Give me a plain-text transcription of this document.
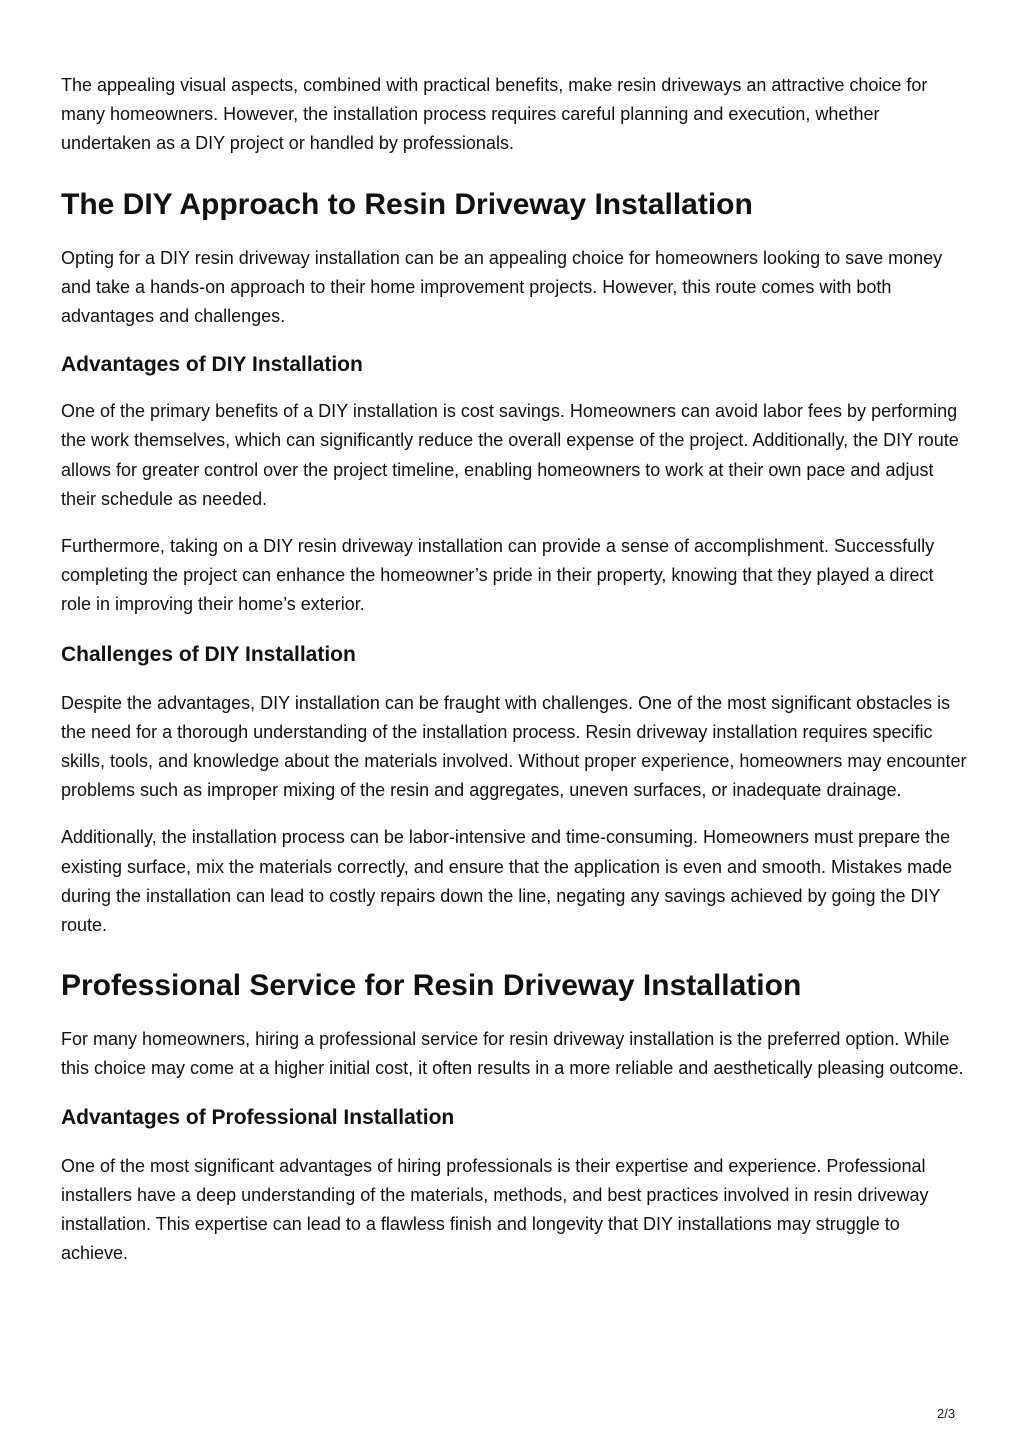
The appealing visual aspects, combined with practical benefits, make resin driveways an attractive choice for many homeowners. However, the installation process requires careful planning and execution, whether undertaken as a DIY project or handled by professionals.

The DIY Approach to Resin Driveway Installation

Opting for a DIY resin driveway installation can be an appealing choice for homeowners looking to save money and take a hands-on approach to their home improvement projects. However, this route comes with both advantages and challenges.

Advantages of DIY Installation

One of the primary benefits of a DIY installation is cost savings. Homeowners can avoid labor fees by performing the work themselves, which can significantly reduce the overall expense of the project. Additionally, the DIY route allows for greater control over the project timeline, enabling homeowners to work at their own pace and adjust their schedule as needed.

Furthermore, taking on a DIY resin driveway installation can provide a sense of accomplishment. Successfully completing the project can enhance the homeowner’s pride in their property, knowing that they played a direct role in improving their home’s exterior.

Challenges of DIY Installation

Despite the advantages, DIY installation can be fraught with challenges. One of the most significant obstacles is the need for a thorough understanding of the installation process. Resin driveway installation requires specific skills, tools, and knowledge about the materials involved. Without proper experience, homeowners may encounter problems such as improper mixing of the resin and aggregates, uneven surfaces, or inadequate drainage.

Additionally, the installation process can be labor-intensive and time-consuming. Homeowners must prepare the existing surface, mix the materials correctly, and ensure that the application is even and smooth. Mistakes made during the installation can lead to costly repairs down the line, negating any savings achieved by going the DIY route.

Professional Service for Resin Driveway Installation

For many homeowners, hiring a professional service for resin driveway installation is the preferred option. While this choice may come at a higher initial cost, it often results in a more reliable and aesthetically pleasing outcome.

Advantages of Professional Installation

One of the most significant advantages of hiring professionals is their expertise and experience. Professional installers have a deep understanding of the materials, methods, and best practices involved in resin driveway installation. This expertise can lead to a flawless finish and longevity that DIY installations may struggle to achieve.

2/3
